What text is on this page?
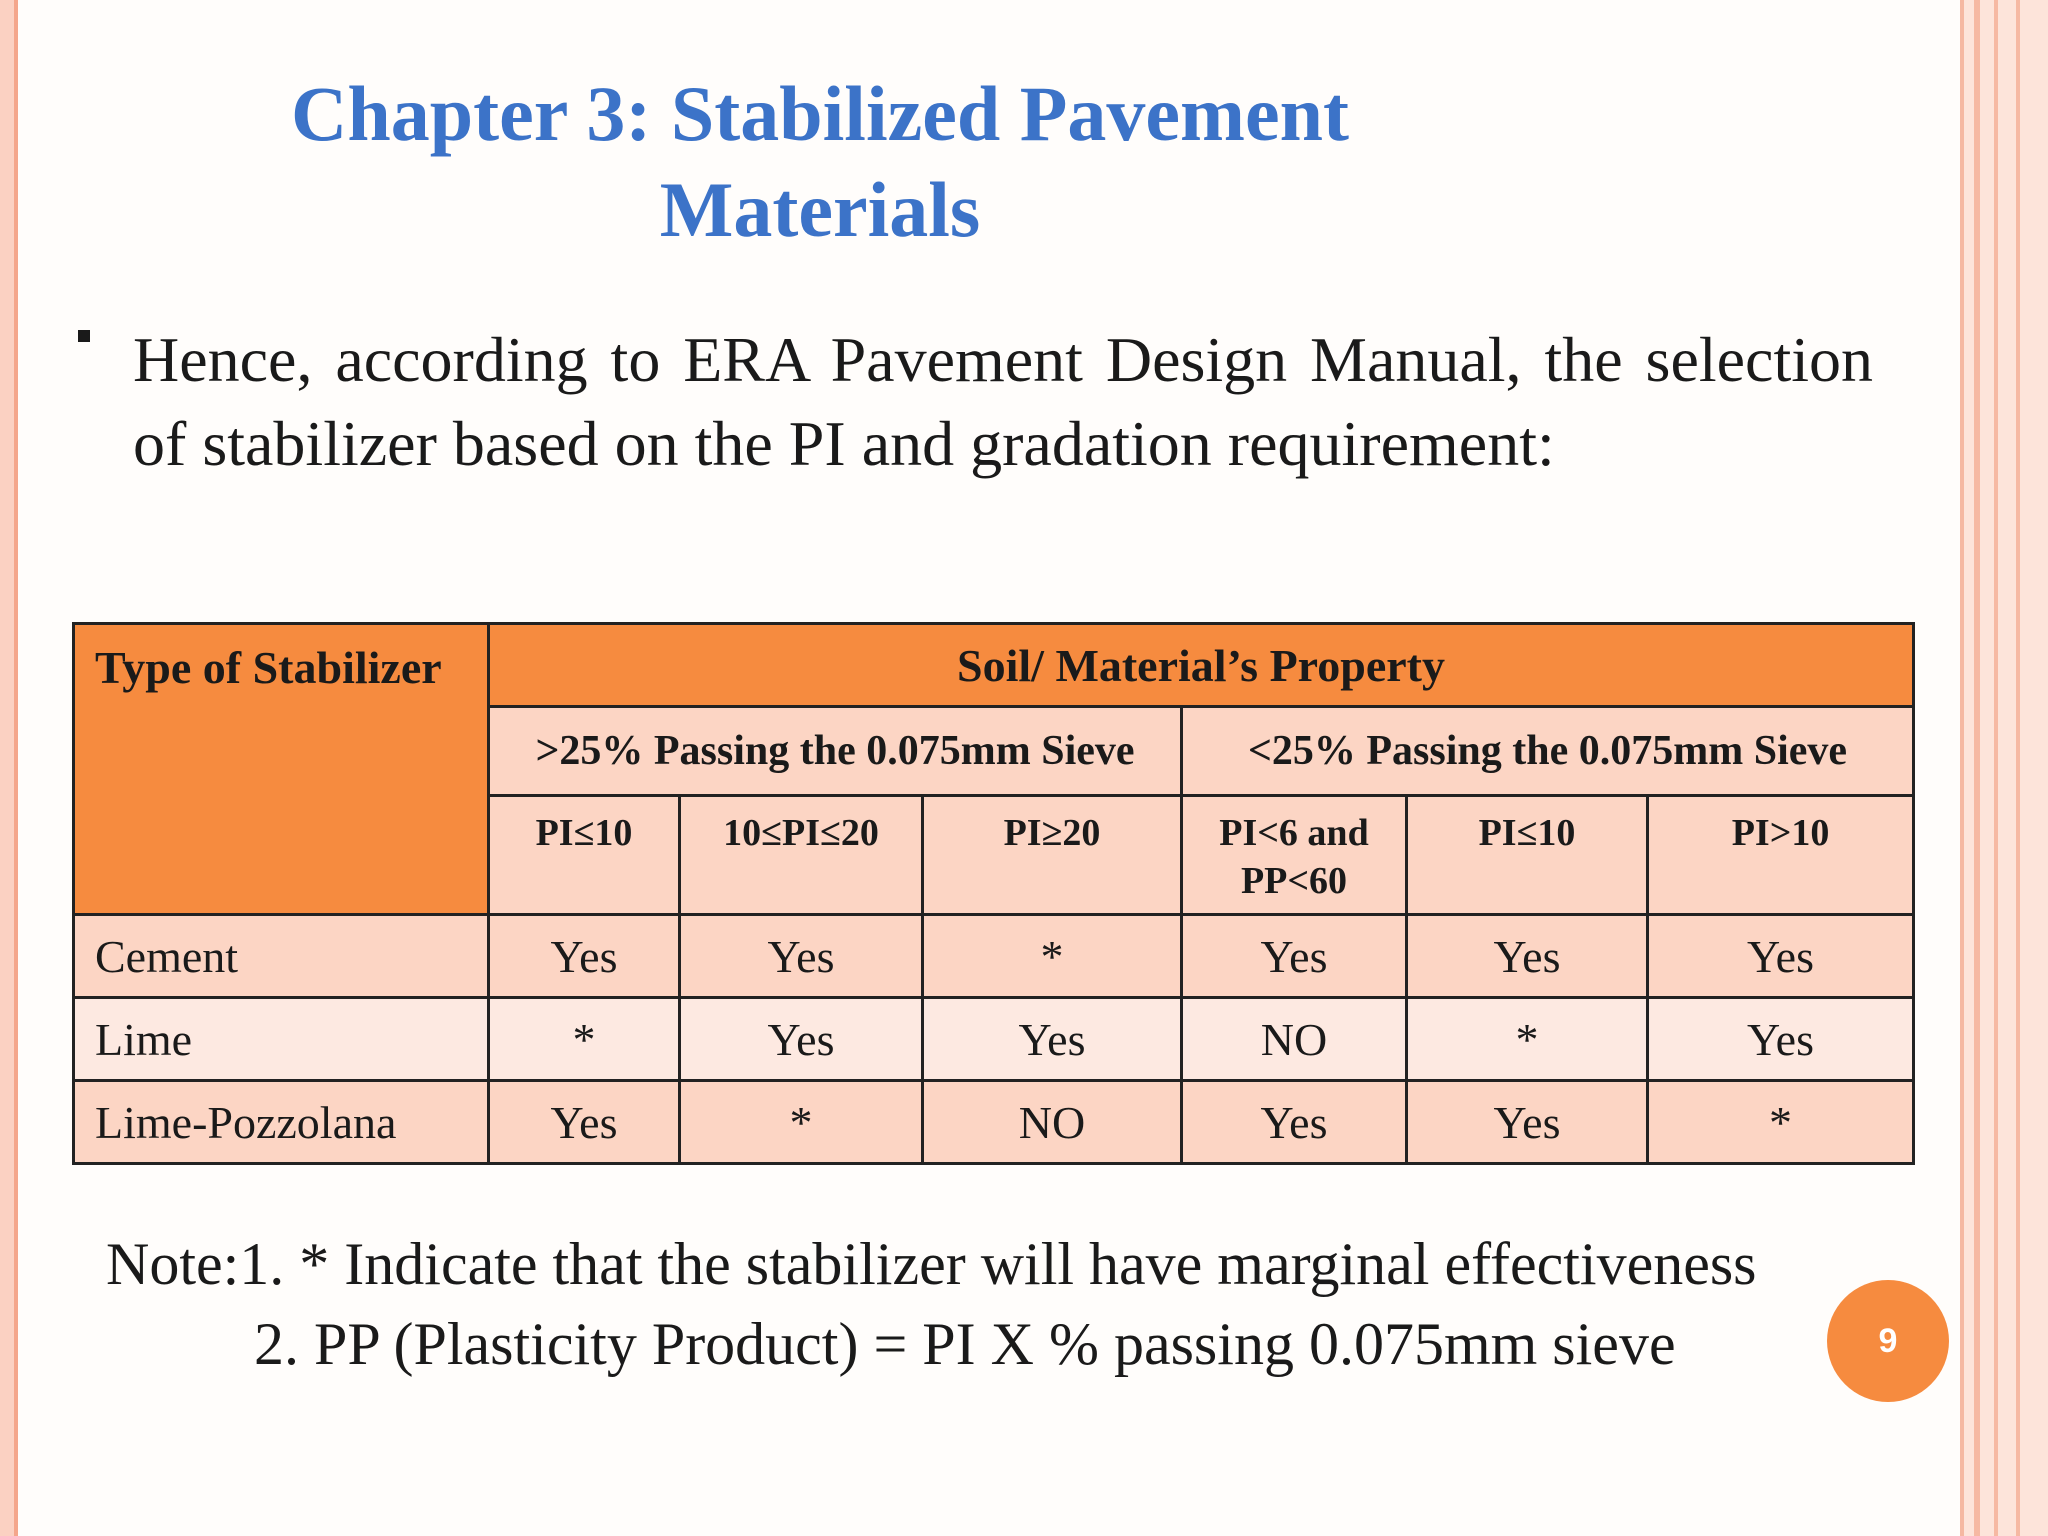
Chapter 3: Stabilized Pavement
Materials
Hence, according to ERA Pavement Design Manual, the selection of stabilizer based on the PI and gradation requirement:
Type of Stabilizer	Soil/ Material’s Property					
	>25% Passing the 0.075mm Sieve			<25% Passing the 0.075mm Sieve		
	PI≤10	10≤PI≤20	PI≥20	PI<6 and PP<60	PI≤10	PI>10
Cement	Yes	Yes	*	Yes	Yes	Yes
Lime	*	Yes	Yes	NO	*	Yes
Lime-Pozzolana	Yes	*	NO	Yes	Yes	*
Note:1. * Indicate that the stabilizer will have marginal effectiveness
2. PP (Plasticity Product) = PI X % passing 0.075mm sieve	9
